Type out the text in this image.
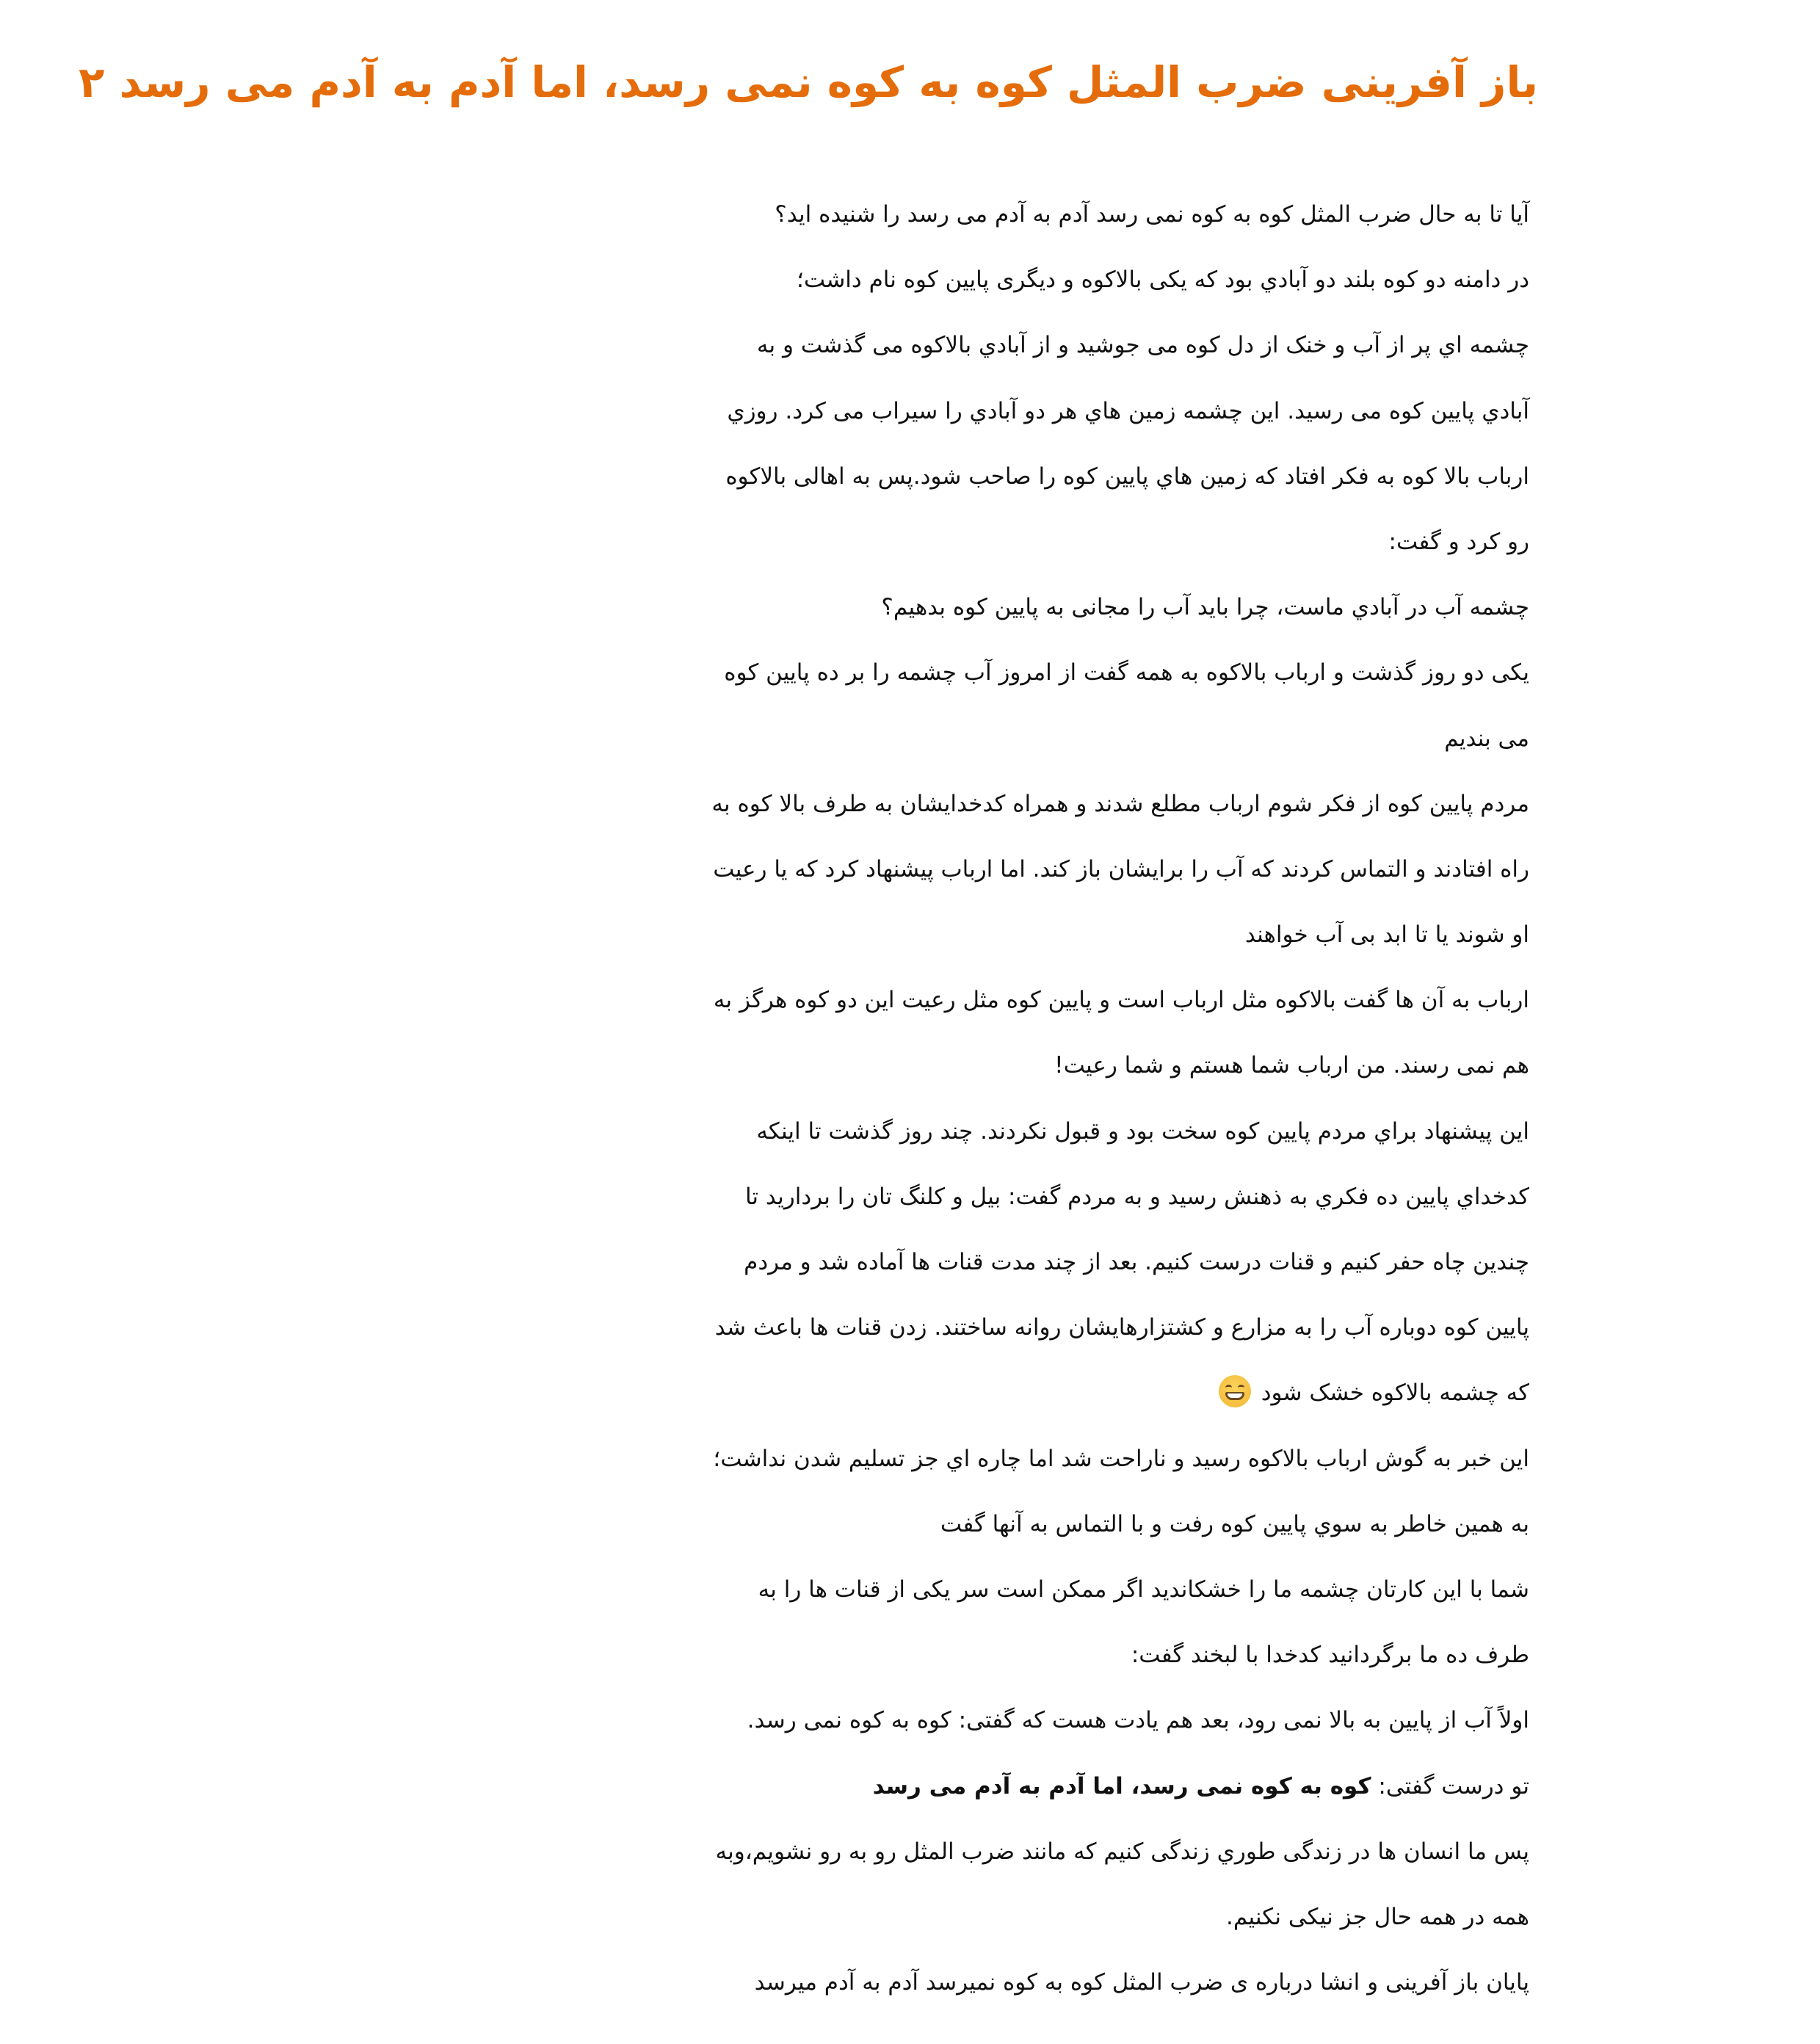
باز آفرینی ضرب المثل کوه به کوه نمی رسد، اما آدم به آدم می رسد ۲
آیا تا به حال ضرب المثل کوه به کوه نمی رسد آدم به آدم می رسد را شنیده اید؟
در دامنه دو کوه بلند دو آبادي بود که یکی بالاکوه و دیگری پایین کوه نام داشت؛
چشمه اي پر از آب و خنک از دل کوه می جوشید و از آبادي بالاکوه می گذشت و به
آبادي پایین کوه می رسید. این چشمه زمین هاي هر دو آبادي را سیراب می کرد. روزي
ارباب بالا کوه به فکر افتاد که زمین هاي پایین کوه را صاحب شود.پس به اهالی بالاکوه
رو کرد و گفت:
چشمه آب در آبادي ماست، چرا باید آب را مجانی به پایین کوه بدهیم؟
یکی دو روز گذشت و ارباب بالاکوه به همه گفت از امروز آب چشمه را بر ده پایین کوه
می بندیم
مردم پایین کوه از فکر شوم ارباب مطلع شدند و همراه کدخدایشان به طرف بالا کوه به
راه افتادند و التماس کردند که آب را برایشان باز کند. اما ارباب پیشنهاد کرد که یا رعیت
او شوند یا تا ابد بی آب خواهند
ارباب به آن ها گفت بالاکوه مثل ارباب است و پایین کوه مثل رعیت این دو کوه هرگز به
هم نمی رسند. من ارباب شما هستم و شما رعیت!
این پیشنهاد براي مردم پایین کوه سخت بود و قبول نکردند. چند روز گذشت تا اینکه
کدخداي پایین ده فکري به ذهنش رسید و به مردم گفت: بیل و کلنگ تان را بردارید تا
چندین چاه حفر کنیم و قنات درست کنیم. بعد از چند مدت قنات ها آماده شد و مردم
پایین کوه دوباره آب را به مزارع و کشتزارهایشان روانه ساختند. زدن قنات ها باعث شد
که چشمه بالاکوه خشک شود
این خبر به گوش ارباب بالاکوه رسید و ناراحت شد اما چاره اي جز تسلیم شدن نداشت؛
به همین خاطر به سوي پایین کوه رفت و با التماس به آنها گفت
شما با این کارتان چشمه ما را خشکاندید اگر ممکن است سر یکی از قنات ها را به
طرف ده ما برگردانید کدخدا با لبخند گفت:
اولاً آب از پایین به بالا نمی رود، بعد هم یادت هست که گفتی: کوه به کوه نمی رسد.
تو درست گفتی: کوه به کوه نمی رسد، اما آدم به آدم می رسد
پس ما انسان ها در زندگی طوري زندگی کنیم که مانند ضرب المثل رو به رو نشویم،وبه
همه در همه حال جز نیکی نکنیم.
پایان باز آفرینی و انشا درباره ی ضرب المثل کوه به کوه نمیرسد آدم به آدم میرسد
